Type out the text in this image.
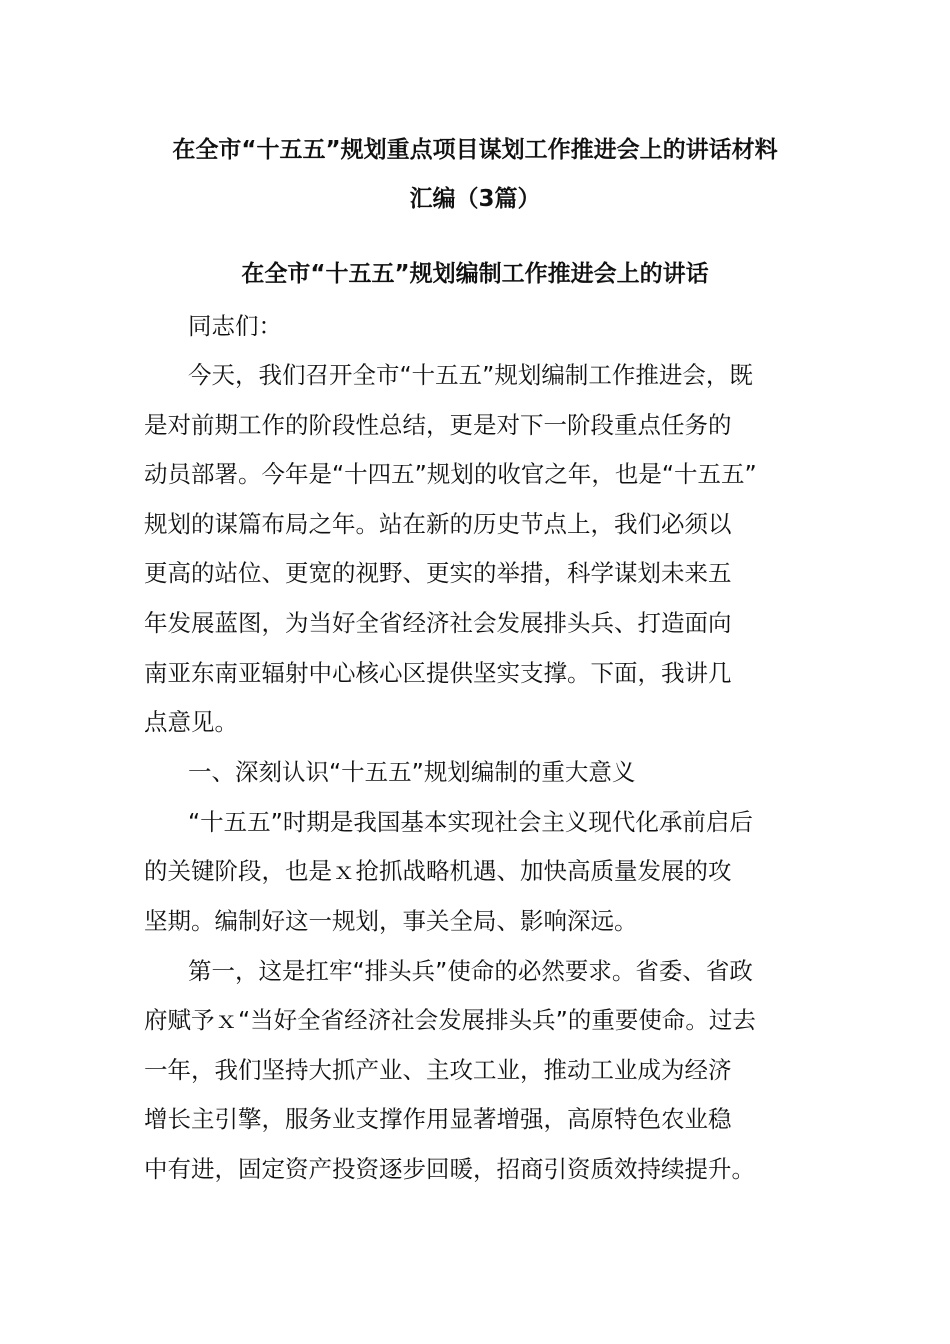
在全市“十五五”规划重点项目谋划工作推进会上的讲话材料
汇编（3篇）
在全市“十五五”规划编制工作推进会上的讲话

同志们：

今天，我们召开全市“十五五”规划编制工作推进会，既

是对前期工作的阶段性总结，更是对下一阶段重点任务的

动员部署。今年是“十四五”规划的收官之年，也是“十五五”

规划的谋篇布局之年。站在新的历史节点上，我们必须以

更高的站位、更宽的视野、更实的举措，科学谋划未来五

年发展蓝图，为当好全省经济社会发展排头兵、打造面向

南亚东南亚辐射中心核心区提供坚实支撑。下面，我讲几

点意见。

一、深刻认识“十五五”规划编制的重大意义

“十五五”时期是我国基本实现社会主义现代化承前启后

的关键阶段，也是ｘ抢抓战略机遇、加快高质量发展的攻

坚期。编制好这一规划，事关全局、影响深远。

第一，这是扛牢“排头兵”使命的必然要求。省委、省政

府赋予ｘ“当好全省经济社会发展排头兵”的重要使命。过去

一年，我们坚持大抓产业、主攻工业，推动工业成为经济

增长主引擎，服务业支撑作用显著增强，高原特色农业稳

中有进，固定资产投资逐步回暖，招商引资质效持续提升。
